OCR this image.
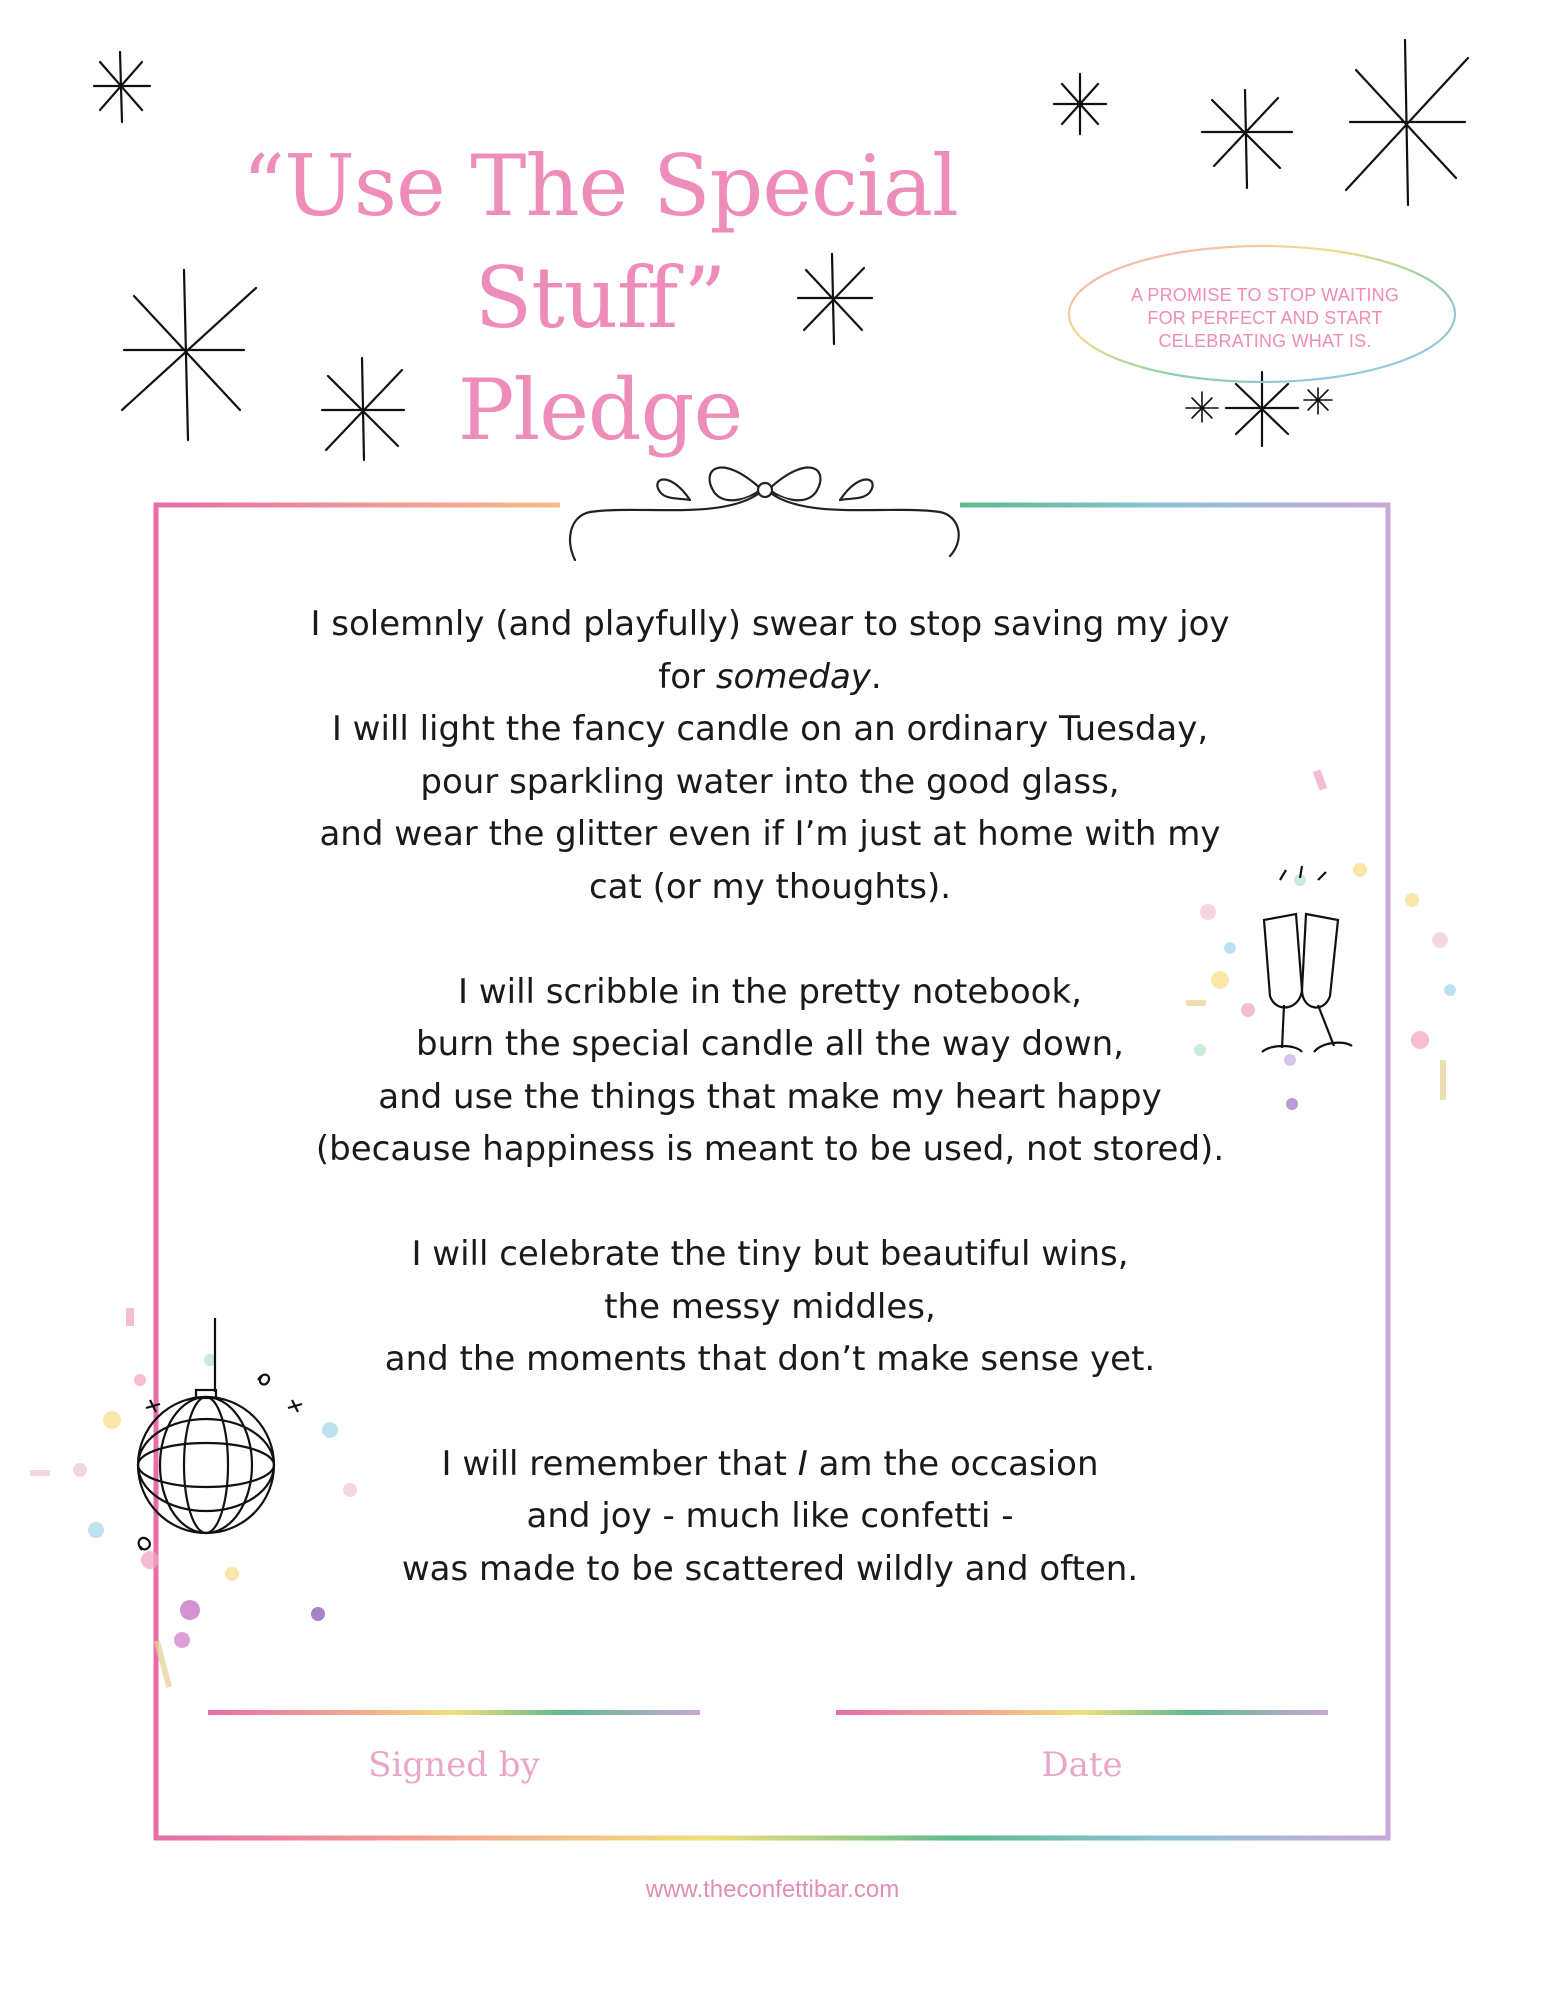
“Use The Special Stuff”
Pledge
A PROMISE TO STOP WAITING
FOR PERFECT AND START
CELEBRATING WHAT IS.
I solemnly (and playfully) swear to stop saving my joy
for someday.
I will light the fancy candle on an ordinary Tuesday,
pour sparkling water into the good glass,
and wear the glitter even if I’m just at home with my
cat (or my thoughts).
I will scribble in the pretty notebook,
burn the special candle all the way down,
and use the things that make my heart happy
(because happiness is meant to be used, not stored).
I will celebrate the tiny but beautiful wins,
the messy middles,
and the moments that don’t make sense yet.
I will remember that I am the occasion
and joy - much like confetti -
was made to be scattered wildly and often.
Signed by	Date
www.theconfettibar.com
